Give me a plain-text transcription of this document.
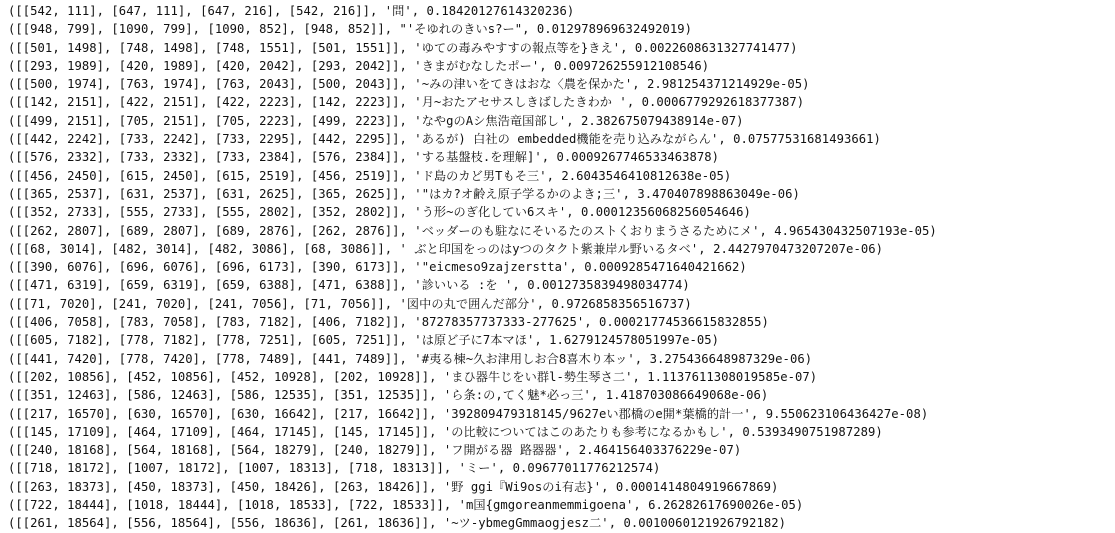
([[542, 111], [647, 111], [647, 216], [542, 216]], '問', 0.18420127614320236)
([[948, 799], [1090, 799], [1090, 852], [948, 852]], "'そゆれのきいs?ー", 0.012978969632492019)
([[501, 1498], [748, 1498], [748, 1551], [501, 1551]], 'ゆての毒みやすすの報点等を}きえ', 0.0022608631327741477)
([[293, 1989], [420, 1989], [420, 2042], [293, 2042]], 'きまがむなしたポー', 0.009726255912108546)
([[500, 1974], [763, 1974], [763, 2043], [500, 2043]], '~みの津いをてきはおな〈農を保かた', 2.981254371214929e-05)
([[142, 2151], [422, 2151], [422, 2223], [142, 2223]], '月~おたアセサスしきばしたきわか ', 0.0006779292618377387)
([[499, 2151], [705, 2151], [705, 2223], [499, 2223]], 'なやgのAシ焦浩竜国部し', 2.382675079438914e-07)
([[442, 2242], [733, 2242], [733, 2295], [442, 2295]], 'あるが) 白社の embedded機能を売り込みながらん', 0.07577531681493661)
([[576, 2332], [733, 2332], [733, 2384], [576, 2384]], 'する基盤枝.を理解]', 0.0009267746533463878)
([[456, 2450], [615, 2450], [615, 2519], [456, 2519]], 'ド島のカど男Tもそ三', 2.6043546410812638e-05)
([[365, 2537], [631, 2537], [631, 2625], [365, 2625]], '"はカ?オ齢え原子学るかのよき;三', 3.470407898863049e-06)
([[352, 2733], [555, 2733], [555, 2802], [352, 2802]], 'う形~のぎ化してい6スキ', 0.00012356068256054646)
([[262, 2807], [689, 2807], [689, 2876], [262, 2876]], 'ベッダーのも駐なにそいるたのストくおりまうさるためにメ', 4.965430432507193e-05)
([[68, 3014], [482, 3014], [482, 3086], [68, 3086]], ' ぶと印国をっのはyつのタクト紫兼岸ル野いるタベ', 2.4427970473207207e-06)
([[390, 6076], [696, 6076], [696, 6173], [390, 6173]], '"eicmeso9zajzerstta', 0.0009285471640421662)
([[471, 6319], [659, 6319], [659, 6388], [471, 6388]], '診いいる :を ', 0.0012735839498034774)
([[71, 7020], [241, 7020], [241, 7056], [71, 7056]], '図中の丸で囲んだ部分', 0.9726858356516737)
([[406, 7058], [783, 7058], [783, 7182], [406, 7182]], '87278357737333-277625', 0.00021774536615832855)
([[605, 7182], [778, 7182], [778, 7251], [605, 7251]], 'は原ど子に7本マほ', 1.6279124578051997e-05)
([[441, 7420], [778, 7420], [778, 7489], [441, 7489]], '#夷る棟~久お津用しお合8喜木り本ッ', 3.275436648987329e-06)
([[202, 10856], [452, 10856], [452, 10928], [202, 10928]], 'まひ器牛じをい群l-勢生琴さ二', 1.1137611308019585e-07)
([[351, 12463], [586, 12463], [586, 12535], [351, 12535]], 'ら条:の,てく魅*必っ三', 1.418703086649068e-06)
([[217, 16570], [630, 16570], [630, 16642], [217, 16642]], '392809479318145/9627eい郡橋のe開*葉橋的計一', 9.550623106436427e-08)
([[145, 17109], [464, 17109], [464, 17145], [145, 17145]], 'の比較についてはこのあたりも参考になるかもし', 0.5393490751987289)
([[240, 18168], [564, 18168], [564, 18279], [240, 18279]], 'フ開がる器 路器器', 2.464156403376229e-07)
([[718, 18172], [1007, 18172], [1007, 18313], [718, 18313]], 'ミー', 0.09677011776212574)
([[263, 18373], [450, 18373], [450, 18426], [263, 18426]], '野 ggi『Wi9osのi有志}', 0.0001414804919667869)
([[722, 18444], [1018, 18444], [1018, 18533], [722, 18533]], 'm国{gmgoreanmemmigoena', 6.26282617690026e-05)
([[261, 18564], [556, 18564], [556, 18636], [261, 18636]], '~ツ-ybmegGmmaogjesz二', 0.0010060121926792182)
